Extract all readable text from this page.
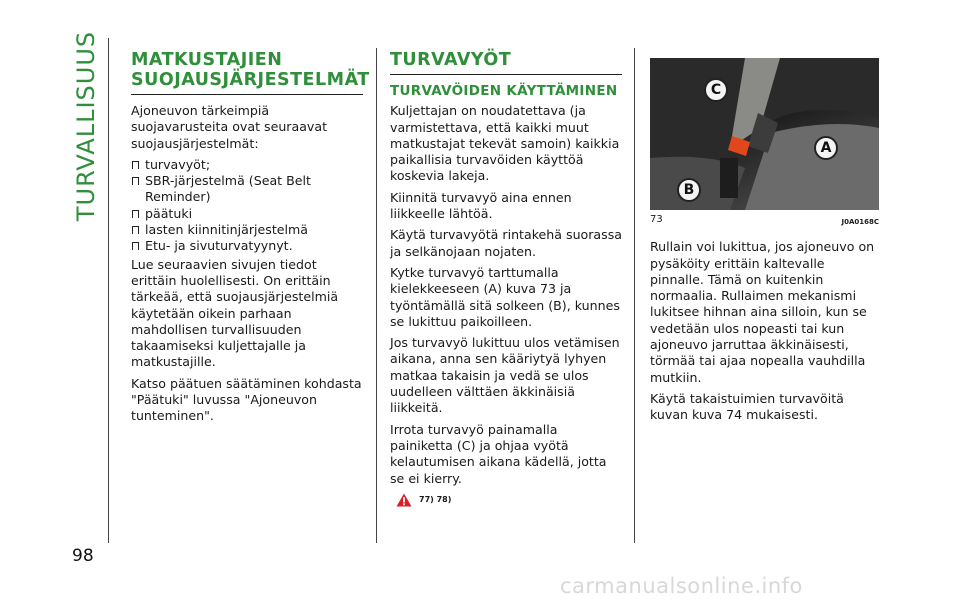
TURVALLISUUS MATKUSTAJIEN
SUOJAUSJÄRJESTELMÄT

Ajoneuvon tärkeimpiä suojavarusteita ovat seuraavat suojausjärjestelmät:

turvavyöt;
SBR-järjestelmä (Seat Belt Reminder)
päätuki
lasten kiinnitinjärjestelmä
Etu- ja sivuturvatyynyt.

Lue seuraavien sivujen tiedot erittäin huolellisesti. On erittäin tärkeää, että suojausjärjestelmiä käytetään oikein parhaan mahdollisen turvallisuuden takaamiseksi kuljettajalle ja matkustajille.

Katso päätuen säätäminen kohdasta "Päätuki" luvussa "Ajoneuvon tunteminen".

TURVAVYÖT
TURVAVÖIDEN KÄYTTÄMINEN

Kuljettajan on noudatettava (ja varmistettava, että kaikki muut matkustajat tekevät samoin) kaikkia paikallisia turvavöiden käyttöä koskevia lakeja.

Kiinnitä turvavyö aina ennen liikkeelle lähtöä.

Käytä turvavyötä rintakehä suorassa ja selkänojaan nojaten.

Kytke turvavyö tarttumalla kielekkeeseen (A) kuva 73 ja työntämällä sitä solkeen (B), kunnes se lukittuu paikoilleen.

Jos turvavyö lukittuu ulos vetämisen aikana, anna sen kääriytyä lyhyen matkaa takaisin ja vedä se ulos uudelleen välttäen äkkinäisiä liikkeitä.

Irrota turvavyö painamalla painiketta (C) ja ohjaa vyötä kelautumisen aikana kädellä, jotta se ei kierry.

77) 78)
C
A
B
73	J0A0168C

Rullain voi lukittua, jos ajoneuvo on pysäköity erittäin kaltevalle pinnalle. Tämä on kuitenkin normaalia. Rullaimen mekanismi lukitsee hihnan aina silloin, kun se vedetään ulos nopeasti tai kun ajoneuvo jarruttaa äkkinäisesti, törmää tai ajaa nopealla vauhdilla mutkiin.

Käytä takaistuimien turvavöitä kuvan kuva 74 mukaisesti.

98
carmanualsonline.info
